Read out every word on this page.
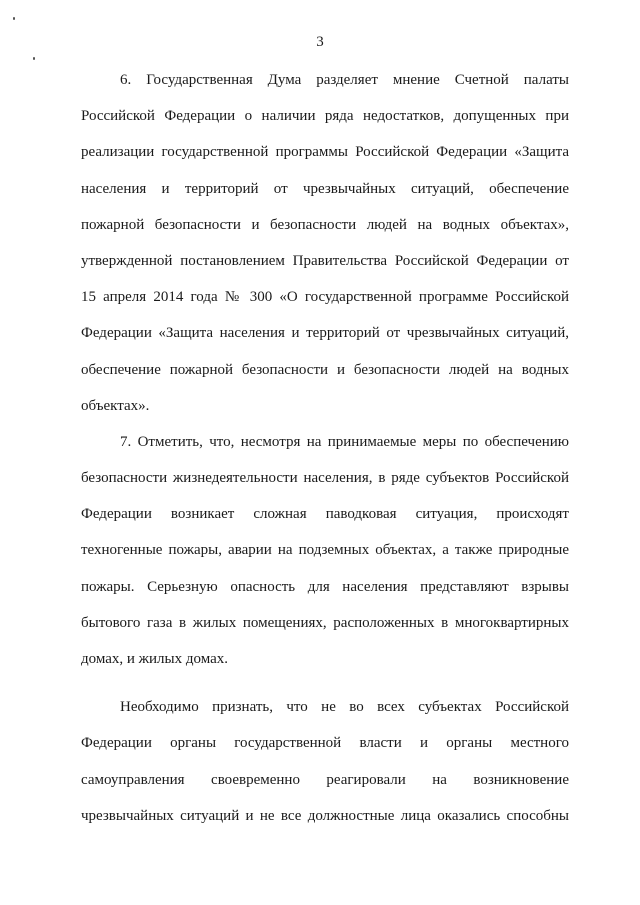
3
6. Государственная Дума разделяет мнение Счетной палаты
Российской Федерации о наличии ряда недостатков, допущенных при
реализации государственной программы Российской Федерации «Защита
населения и территорий от чрезвычайных ситуаций, обеспечение
пожарной безопасности и безопасности людей на водных объектах»,
утвержденной постановлением Правительства Российской Федерации от
15 апреля 2014 года № 300 «О государственной программе Российской
Федерации «Защита населения и территорий от чрезвычайных ситуаций,
обеспечение пожарной безопасности и безопасности людей на водных
объектах».
7. Отметить, что, несмотря на принимаемые меры по обеспечению
безопасности жизнедеятельности населения, в ряде субъектов Российской
Федерации возникает сложная паводковая ситуация, происходят
техногенные пожары, аварии на подземных объектах, а также природные
пожары. Серьезную опасность для населения представляют взрывы
бытового газа в жилых помещениях, расположенных в многоквартирных
домах, и жилых домах.
Необходимо признать, что не во всех субъектах Российской
Федерации органы государственной власти и органы местного
самоуправления своевременно реагировали на возникновение
чрезвычайных ситуаций и не все должностные лица оказались способны
